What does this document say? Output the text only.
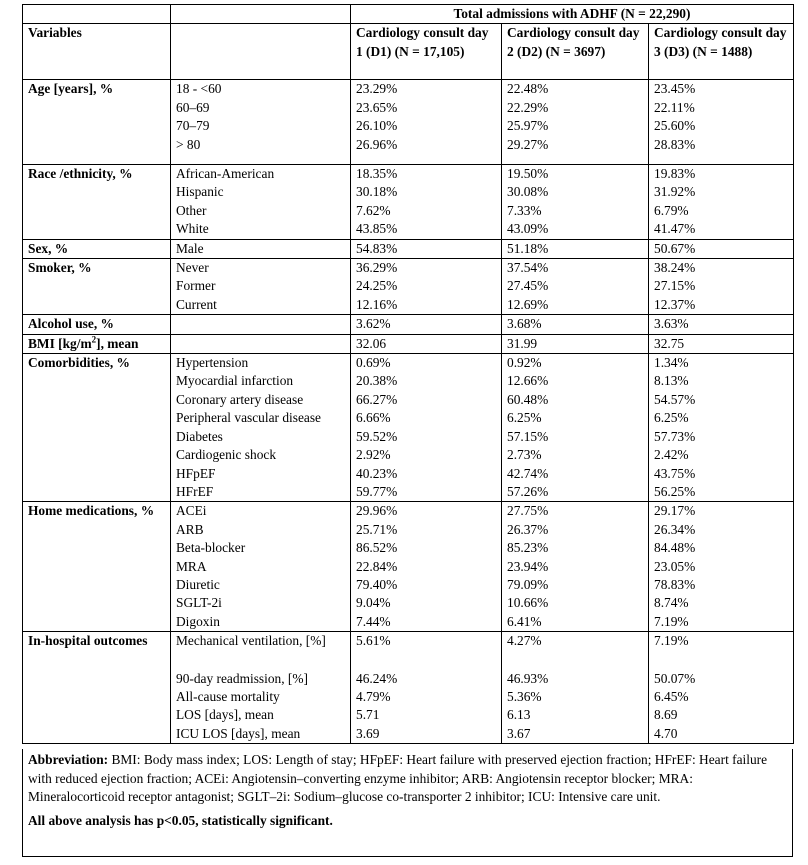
		Total admissions with ADHF (N = 22,290)		
Variables		Cardiology consult day 1 (D1) (N = 17,105)	Cardiology consult day 2 (D2) (N = 3697)	Cardiology consult day 3 (D3) (N = 1488)
Age [years], %	18 - <60	23.29%	22.48%	23.45%
	60–69	23.65%	22.29%	22.11%
	70–79	26.10%	25.97%	25.60%
	> 80	26.96%	29.27%	28.83%
Race /ethnicity, %	African-American	18.35%	19.50%	19.83%
	Hispanic	30.18%	30.08%	31.92%
	Other	7.62%	7.33%	6.79%
	White	43.85%	43.09%	41.47%
Sex, %	Male	54.83%	51.18%	50.67%
Smoker, %	Never	36.29%	37.54%	38.24%
	Former	24.25%	27.45%	27.15%
	Current	12.16%	12.69%	12.37%
Alcohol use, %		3.62%	3.68%	3.63%
BMI $[kg/m^2]$, mean		32.06	31.99	32.75
Comorbidities, %	Hypertension	0.69%	0.92%	1.34%
	Myocardial infarction	20.38%	12.66%	8.13%
	Coronary artery disease	66.27%	60.48%	54.57%
	Peripheral vascular disease	6.66%	6.25%	6.25%
	Diabetes	59.52%	57.15%	57.73%
	Cardiogenic shock	2.92%	2.73%	2.42%
	HFpEF	40.23%	42.74%	43.75%
	HFrEF	59.77%	57.26%	56.25%
Home medications, %	ACEi	29.96%	27.75%	29.17%
	ARB	25.71%	26.37%	26.34%
	Beta-blocker	86.52%	85.23%	84.48%
	MRA	22.84%	23.94%	23.05%
	Diuretic	79.40%	79.09%	78.83%
	SGLT-2i	9.04%	10.66%	8.74%
	Digoxin	7.44%	6.41%	7.19%
In-hospital outcomes	Mechanical ventilation, [%]	5.61%	4.27%	7.19%
	90-day readmission, [%]	46.24%	46.93%	50.07%
	All-cause mortality	4.79%	5.36%	6.45%
	LOS [days], mean	5.71	6.13	8.69
	ICU LOS [days], mean	3.69	3.67	4.70
Abbreviation: BMI: Body mass index; LOS: Length of stay; HFpEF: Heart failure with preserved ejection fraction; HFrEF: Heart failure with reduced ejection fraction; ACEi: Angiotensin–converting enzyme inhibitor; ARB: Angiotensin receptor blocker; MRA: Mineralocorticoid receptor antagonist; SGLT–2i: Sodium–glucose co-transporter 2 inhibitor; ICU: Intensive care unit.
All above analysis has p<0.05, statistically significant.
